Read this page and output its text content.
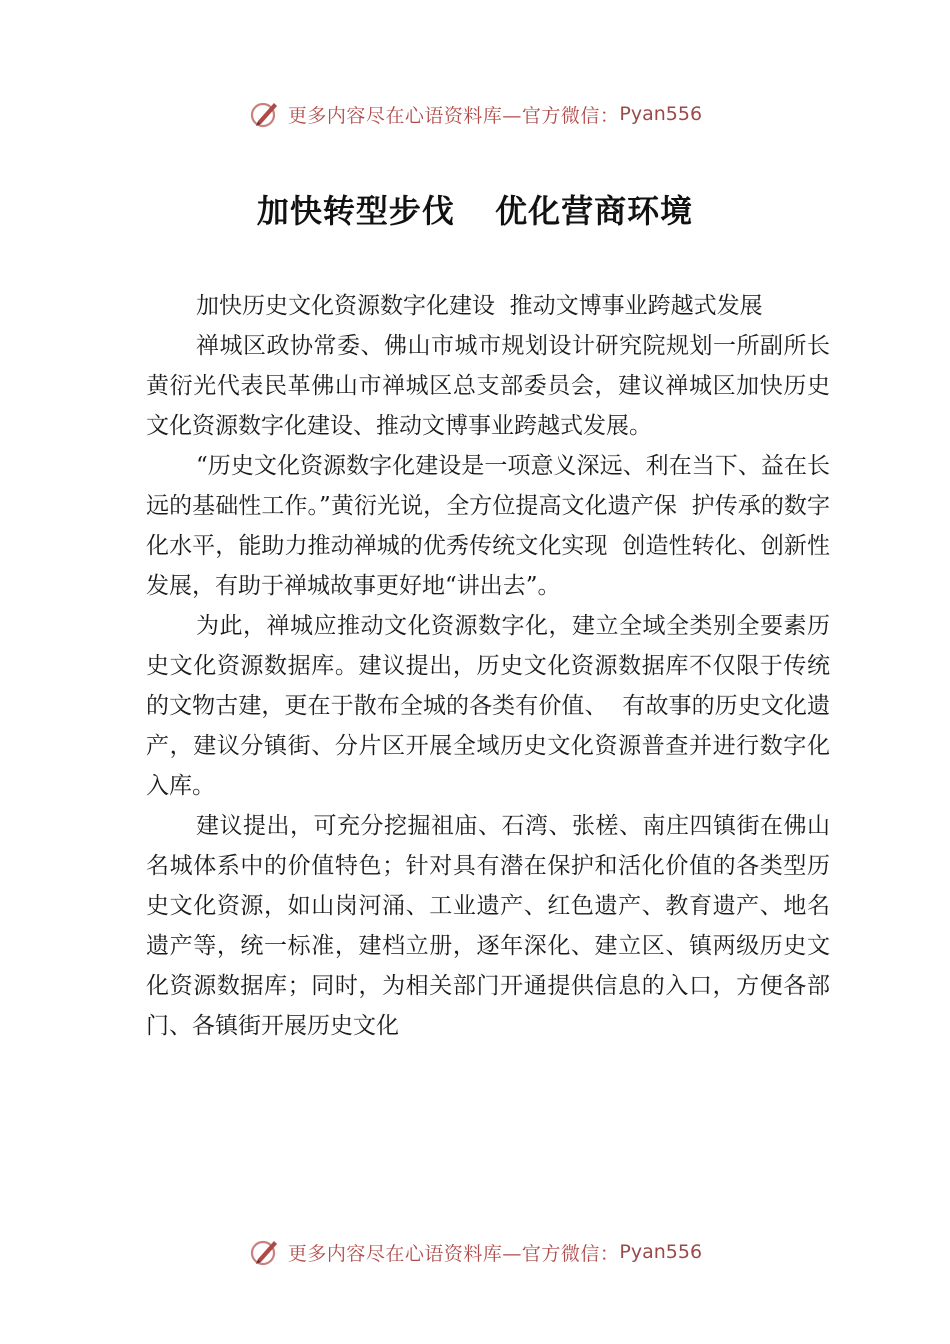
更多内容尽在心语资料库—官方微信： Pyan556
加快转型步伐  优化营商环境

加快历史文化资源数字化建设  推动文博事业跨越式发展

禅城区政协常委、佛山市城市规划设计研究院规划一所副所长黄衍光代表民革佛山市禅城区总支部委员会，建议禅城区加快历史文化资源数字化建设、推动文博事业跨越式发展。

“历史文化资源数字化建设是一项意义深远、利在当下、益在长远的基础性工作。”黄衍光说，全方位提高文化遗产保  护传承的数字化水平，能助力推动禅城的优秀传统文化实现  创造性转化、创新性发展，有助于禅城故事更好地“讲出去”。

为此，禅城应推动文化资源数字化，建立全域全类别全要素历史文化资源数据库。建议提出，历史文化资源数据库不仅限于传统的文物古建，更在于散布全城的各类有价值、  有故事的历史文化遗产，建议分镇街、分片区开展全域历史文化资源普查并进行数字化入库。

建议提出，可充分挖掘祖庙、石湾、张槎、南庄四镇街在佛山名城体系中的价值特色；针对具有潜在保护和活化价值的各类型历史文化资源，如山岗河涌、工业遗产、红色遗产、教育遗产、地名遗产等，统一标准，建档立册，逐年深化、建立区、镇两级历史文化资源数据库；同时，为相关部门开通提供信息的入口，方便各部门、各镇街开展历史文化

更多内容尽在心语资料库—官方微信： Pyan556
